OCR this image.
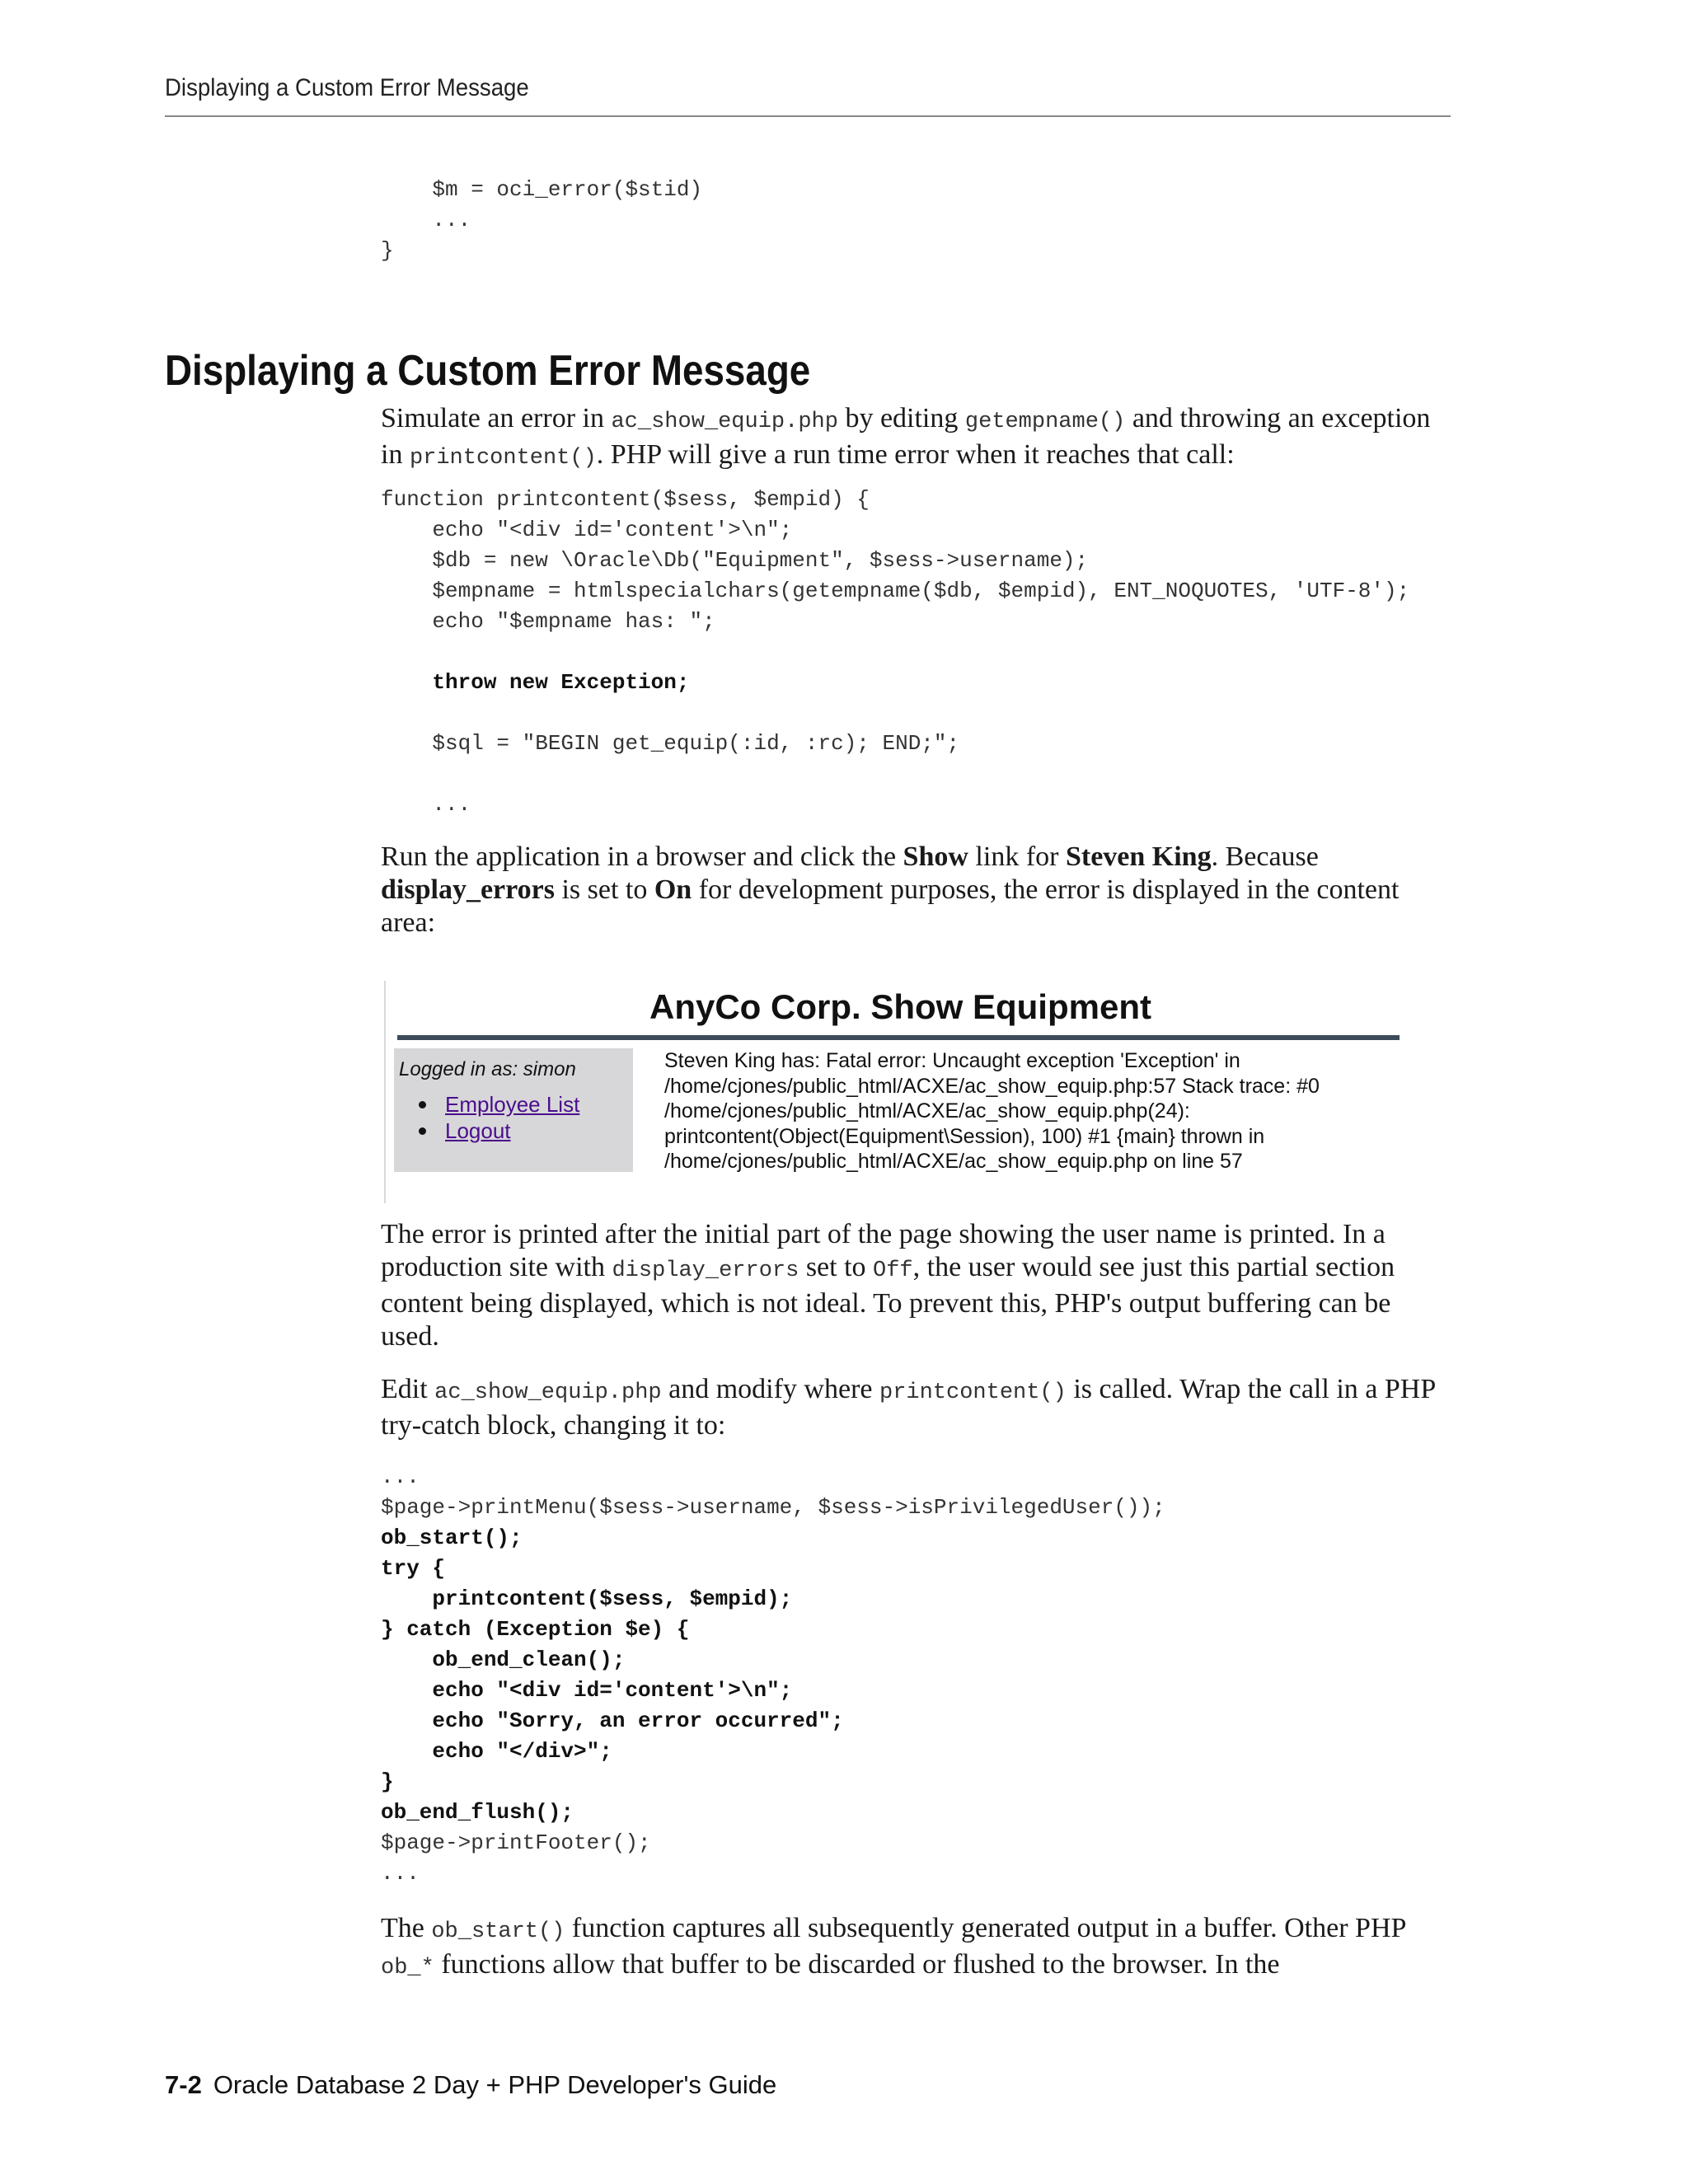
Displaying a Custom Error Message
$m = oci_error($stid)
...
}
Displaying a Custom Error Message

Simulate an error in ac_show_equip.php by editing getempname() and throwing an exception in printcontent(). PHP will give a run time error when it reaches that call:

function printcontent($sess, $empid) {
echo "<div id='content'>\n";
$db = new \Oracle\Db("Equipment", $sess->username);
$empname = htmlspecialchars(getempname($db, $empid), ENT_NOQUOTES, 'UTF-8');
echo "$empname has: ";

throw new Exception;

$sql = "BEGIN get_equip(:id, :rc); END;";

...

Run the application in a browser and click the Show link for Steven King. Because display_errors is set to On for development purposes, the error is displayed in the content area:

AnyCo Corp. Show Equipment
Logged in as: simon
Employee List
Logout
Steven King has: Fatal error: Uncaught exception 'Exception' in
/home/cjones/public_html/ACXE/ac_show_equip.php:57 Stack trace: #0
/home/cjones/public_html/ACXE/ac_show_equip.php(24):
printcontent(Object(Equipment\Session), 100) #1 {main} thrown in
/home/cjones/public_html/ACXE/ac_show_equip.php on line 57

The error is printed after the initial part of the page showing the user name is printed. In a production site with display_errors set to Off, the user would see just this partial section content being displayed, which is not ideal. To prevent this, PHP's output buffering can be used.

Edit ac_show_equip.php and modify where printcontent() is called. Wrap the call in a PHP try-catch block, changing it to:

...
$page->printMenu($sess->username, $sess->isPrivilegedUser());
ob_start();
try {
printcontent($sess, $empid);
} catch (Exception $e) {
ob_end_clean();
echo "<div id='content'>\n";
echo "Sorry, an error occurred";
echo "</div>";
}
ob_end_flush();
$page->printFooter();
...

The ob_start() function captures all subsequently generated output in a buffer. Other PHP ob_* functions allow that buffer to be discarded or flushed to the browser. In the

7-2 Oracle Database 2 Day + PHP Developer's Guide
